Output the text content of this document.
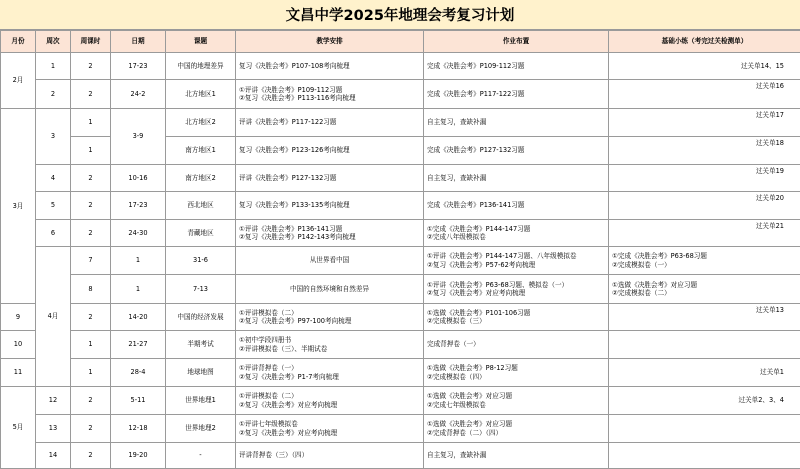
文昌中学2025年地理会考复习计划
月份	周次	周课时	日期	课题	教学安排	作业布置	基础小练（考完过关检测单）	
2月	1	2	17-23	中国的地理差异	复习《决胜会考》P107-108考向梳理	完成《决胜会考》P109-112习题	过关单14、15	
	2	2	24-2	北方地区1	①评讲《决胜会考》P109-112习题
②复习《决胜会考》P113-116考向梳理	完成《决胜会考》P117-122习题	过关单16	
3月	3	1	3-9	北方地区2	评讲《决胜会考》P117-122习题	自主复习，查缺补漏	过关单17	
		1		南方地区1	复习《决胜会考》P123-126考向梳理	完成《决胜会考》P127-132习题	过关单18	
	4	2	10-16	南方地区2	评讲《决胜会考》P127-132习题	自主复习，查缺补漏	过关单19	
	5	2	17-23	西北地区	复习《决胜会考》P133-135考向梳理	完成《决胜会考》P136-141习题	过关单20	
	6	2	24-30	青藏地区	①评讲《决胜会考》P136-141习题
②复习《决胜会考》P142-143考向梳理	①完成《决胜会考》P144-147习题
②完成八年级模拟卷	过关单21	
	4月	7	1	31-6	从世界看中国	①评讲《决胜会考》P144-147习题、八年级模拟卷
②复习《决胜会考》P57-62考向梳理	①完成《决胜会考》P63-68习题
②完成模拟卷（一）

		8	1	7-13	中国的自然环境和自然差异	①评讲《决胜会考》P63-68习题、模拟卷（一）
②复习《决胜会考》对应考向梳理	①选做《决胜会考》对应习题
②完成模拟卷（二）

9		2	14-20	中国的经济发展	①评讲模拟卷（二）
②复习《决胜会考》P97-100考向梳理	①选做《决胜会考》P101-106习题
②完成模拟卷（三）	过关单13	
10		1	21-27	半期考试	①初中学段四册书
②评讲模拟卷（三）、半期试卷	完成背押卷（一）		

11		1	28-4	地球地图	①评讲背押卷（一）
②复习《决胜会考》P1-7考向梳理	①选做《决胜会考》P8-12习题
②完成模拟卷（四）	过关单1	
5月	12	2	5-11	世界地理1	①评讲模拟卷（二）
②复习《决胜会考》对应考向梳理	①选做《决胜会考》对应习题
②完成七年级模拟卷	过关单2、3、4	
	13	2	12-18	世界地理2	①评讲七年级模拟卷
②复习《决胜会考》对应考向梳理	①选做《决胜会考》对应习题
②完成背押卷（二）（四）		

	14	2	19-20	-	评讲背押卷（三）（四）	自主复习，查缺补漏		
